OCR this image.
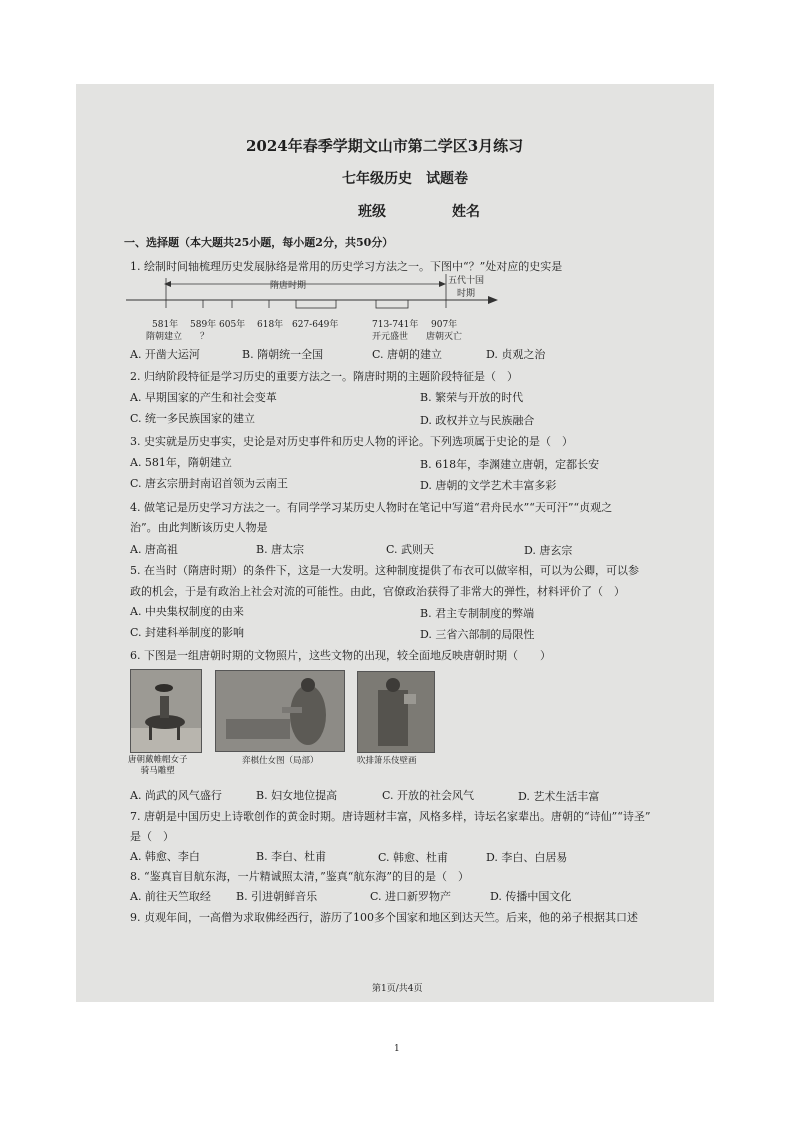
2024年春季学期文山市第二学区3月练习
七年级历史　试题卷
班级	姓名
一、选择题（本大题共25小题，每小题2分，共50分）
1. 绘制时间轴梳理历史发展脉络是常用的历史学习方法之一。下图中“？”处对应的史实是
隋唐时期	五代十国
时期
581年 589年 605年 618年 627-649年	713-741年 907年
隋朝建立 ？	开元盛世 唐朝灭亡
A. 开凿大运河	B. 隋朝统一全国	C. 唐朝的建立	D. 贞观之治
2. 归纳阶段特征是学习历史的重要方法之一。隋唐时期的主题阶段特征是（　）
A. 早期国家的产生和社会变革	B. 繁荣与开放的时代
C. 统一多民族国家的建立	D. 政权并立与民族融合
3. 史实就是历史事实，史论是对历史事件和历史人物的评论。下列选项属于史论的是（　）
A. 581年，隋朝建立	B. 618年，李渊建立唐朝，定都长安
C. 唐玄宗册封南诏首领为云南王	D. 唐朝的文学艺术丰富多彩
4. 做笔记是历史学习方法之一。有同学学习某历史人物时在笔记中写道“君舟民水”“天可汗”“贞观之
治”。由此判断该历史人物是
A. 唐高祖	B. 唐太宗	C. 武则天	D. 唐玄宗
5. 在当时（隋唐时期）的条件下，这是一大发明。这种制度提供了布衣可以做宰相，可以为公卿，可以参
政的机会，于是有政治上社会对流的可能性。由此，官僚政治获得了非常大的弹性，材料评价了（　）
A. 中央集权制度的由来	B. 君主专制制度的弊端
C. 封建科举制度的影响	D. 三省六部制的局限性
6. 下图是一组唐朝时期的文物照片，这些文物的出现，较全面地反映唐朝时期（　　）
唐朝戴帷帽女子
骑马雕塑
弈棋仕女图（局部）	吹排箫乐伎壁画
A. 尚武的风气盛行	B. 妇女地位提高	C. 开放的社会风气	D. 艺术生活丰富
7. 唐朝是中国历史上诗歌创作的黄金时期。唐诗题材丰富，风格多样，诗坛名家辈出。唐朝的“诗仙”“诗圣”
是（　）
A. 韩愈、李白	B. 李白、杜甫	C. 韩愈、杜甫	D. 李白、白居易
8. “鉴真盲目航东海，一片精诚照太清，”鉴真“航东海”的目的是（　）
A. 前往天竺取经 B. 引进朝鲜音乐	C. 进口新罗物产	D. 传播中国文化
9. 贞观年间，一高僧为求取佛经西行，游历了100多个国家和地区到达天竺。后来，他的弟子根据其口述
第1页/共4页
1
